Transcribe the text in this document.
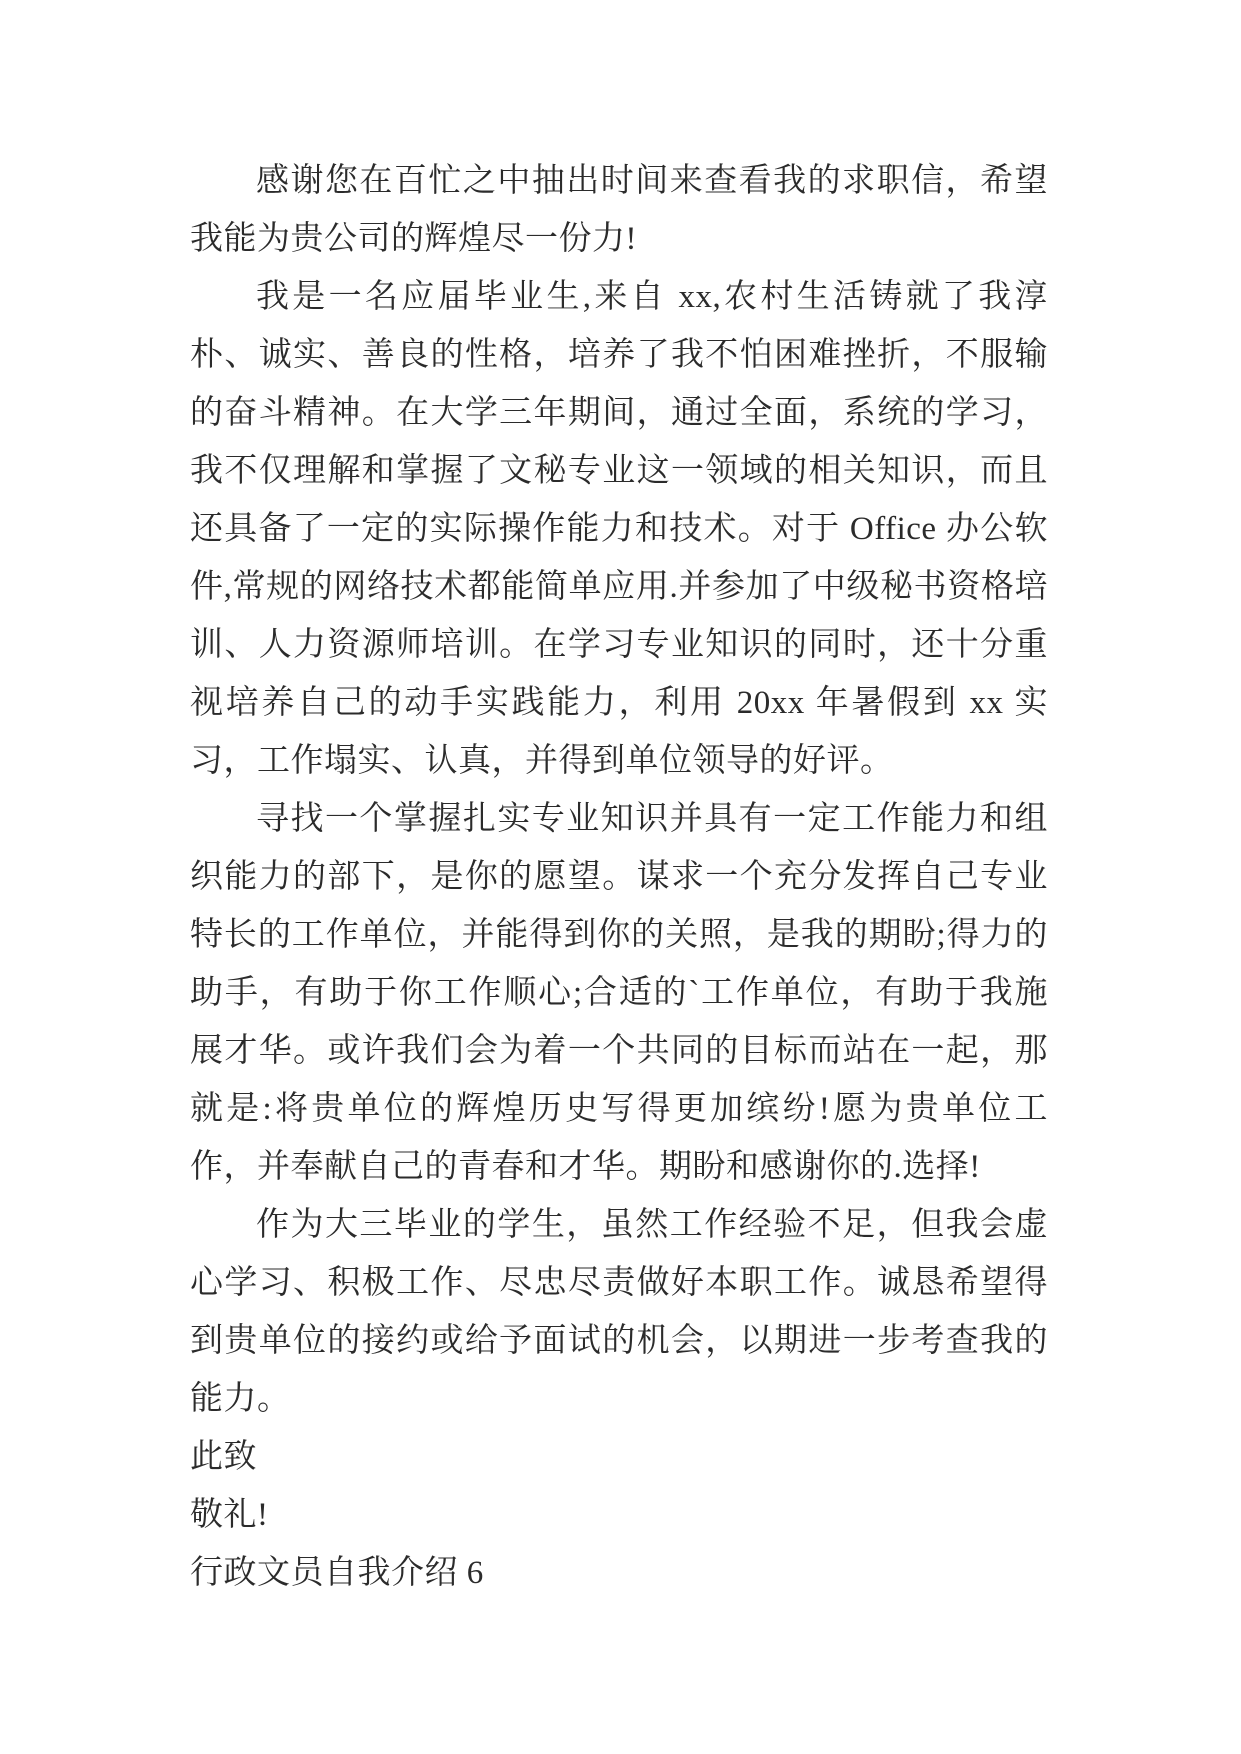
感谢您在百忙之中抽出时间来查看我的求职信，希望我能为贵公司的辉煌尽一份力!

我是一名应届毕业生,来自 xx,农村生活铸就了我淳朴、诚实、善良的性格，培养了我不怕困难挫折，不服输的奋斗精神。在大学三年期间，通过全面，系统的学习，我不仅理解和掌握了文秘专业这一领域的相关知识，而且还具备了一定的实际操作能力和技术。对于 Office 办公软件,常规的网络技术都能简单应用.并参加了中级秘书资格培训、人力资源师培训。在学习专业知识的同时，还十分重视培养自己的动手实践能力，利用 20xx 年暑假到 xx 实习，工作塌实、认真，并得到单位领导的好评。

寻找一个掌握扎实专业知识并具有一定工作能力和组织能力的部下，是你的愿望。谋求一个充分发挥自己专业特长的工作单位，并能得到你的关照，是我的期盼;得力的助手，有助于你工作顺心;合适的`工作单位，有助于我施展才华。或许我们会为着一个共同的目标而站在一起，那就是:将贵单位的辉煌历史写得更加缤纷!愿为贵单位工作，并奉献自己的青春和才华。期盼和感谢你的.选择!

作为大三毕业的学生，虽然工作经验不足，但我会虚心学习、积极工作、尽忠尽责做好本职工作。诚恳希望得到贵单位的接约或给予面试的机会，以期进一步考查我的能力。

此致

敬礼!

行政文员自我介绍 6
